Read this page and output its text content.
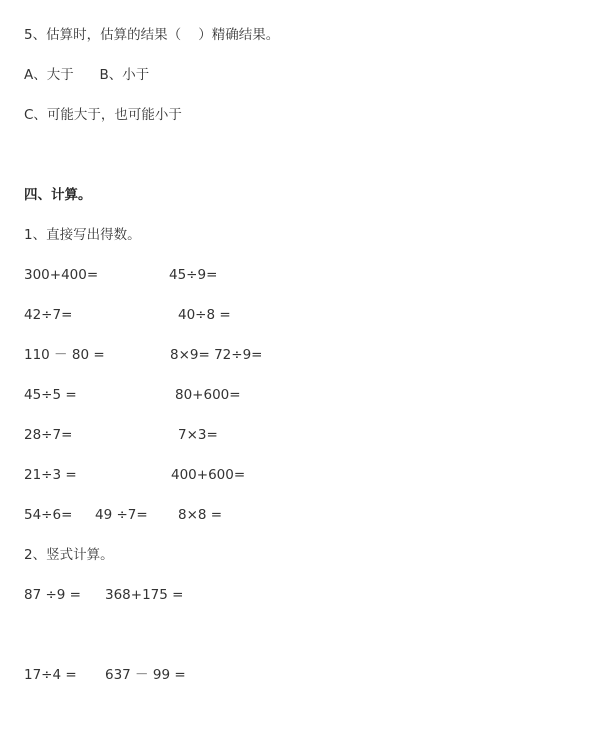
5、估算时，估算的结果（    ）精确结果。

A、大于      B、小于

C、可能大于，也可能小于

四、计算。

1、直接写出得数。

300+400=	45÷9=

42÷7=	40÷8 =

110 － 80 =	8×9= 72÷9=

45÷5 =	80+600=

28÷7=	7×3=

21÷3 =	400+600=

54÷6= 49 ÷7= 8×8 =

2、竖式计算。

87 ÷9 = 368+175 =

17÷4 = 637 － 99 =
